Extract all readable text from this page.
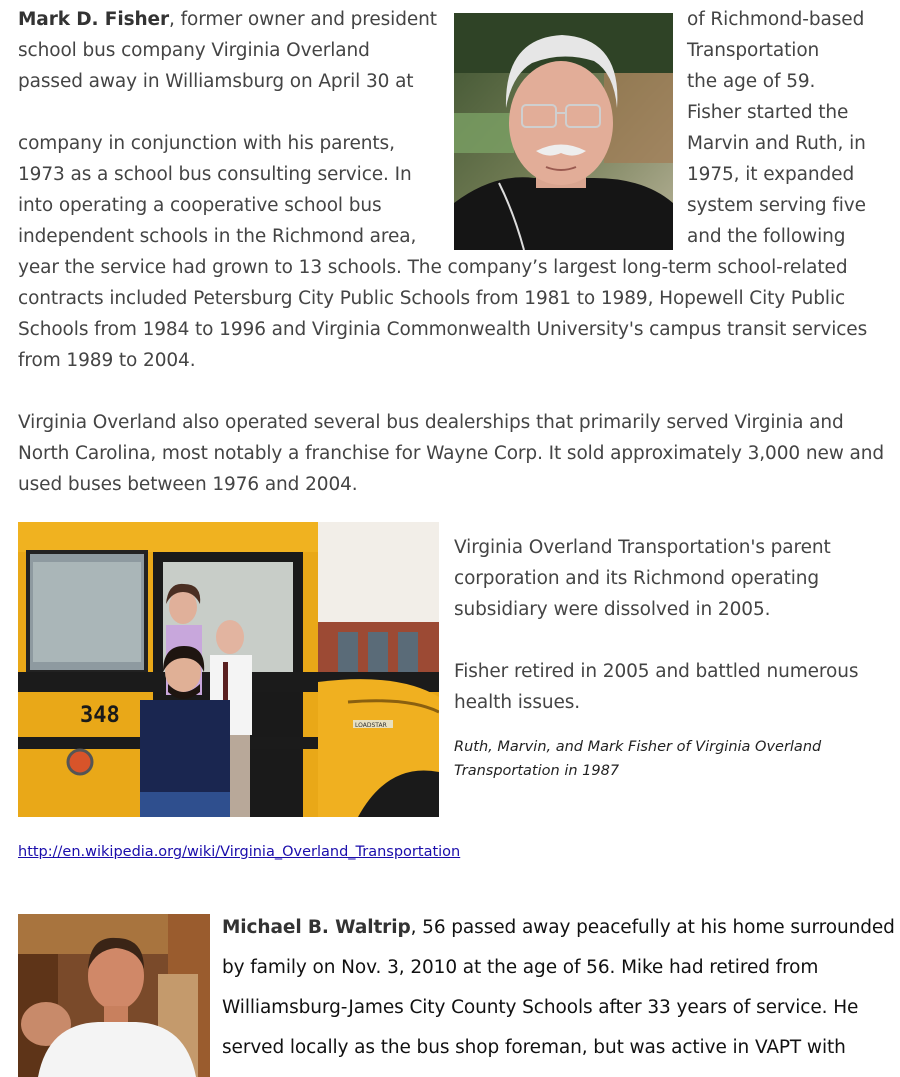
Mark D. Fisher, former owner and president
school bus company Virginia Overland
passed away in Williamsburg on April 30 at
company in conjunction with his parents,
1973 as a school bus consulting service. In
into operating a cooperative school bus
independent schools in the Richmond area,
of Richmond-based
Transportation
the age of 59.
Fisher started the
Marvin and Ruth, in
1975, it expanded
system serving five
and the following
year the service had grown to 13 schools. The company’s largest long-term school-related
contracts included Petersburg City Public Schools from 1981 to 1989, Hopewell City Public
Schools from 1984 to 1996 and Virginia Commonwealth University's campus transit services
from 1989 to 2004.
Virginia Overland also operated several bus dealerships that primarily served Virginia and
North Carolina, most notably a franchise for Wayne Corp. It sold approximately 3,000 new and
used buses between 1976 and 2004.
LOADSTAR
348
Virginia Overland Transportation's parent
corporation and its Richmond operating
subsidiary were dissolved in 2005.
Fisher retired in 2005 and battled numerous
health issues.
Ruth, Marvin, and Mark Fisher of Virginia Overland
Transportation in 1987
http://en.wikipedia.org/wiki/Virginia_Overland_Transportation
Michael B. Waltrip, 56 passed away peacefully at his home surrounded
by family on Nov. 3, 2010 at the age of 56. Mike had retired from
Williamsburg-James City County Schools after 33 years of service. He
served locally as the bus shop foreman, but was active in VAPT with
